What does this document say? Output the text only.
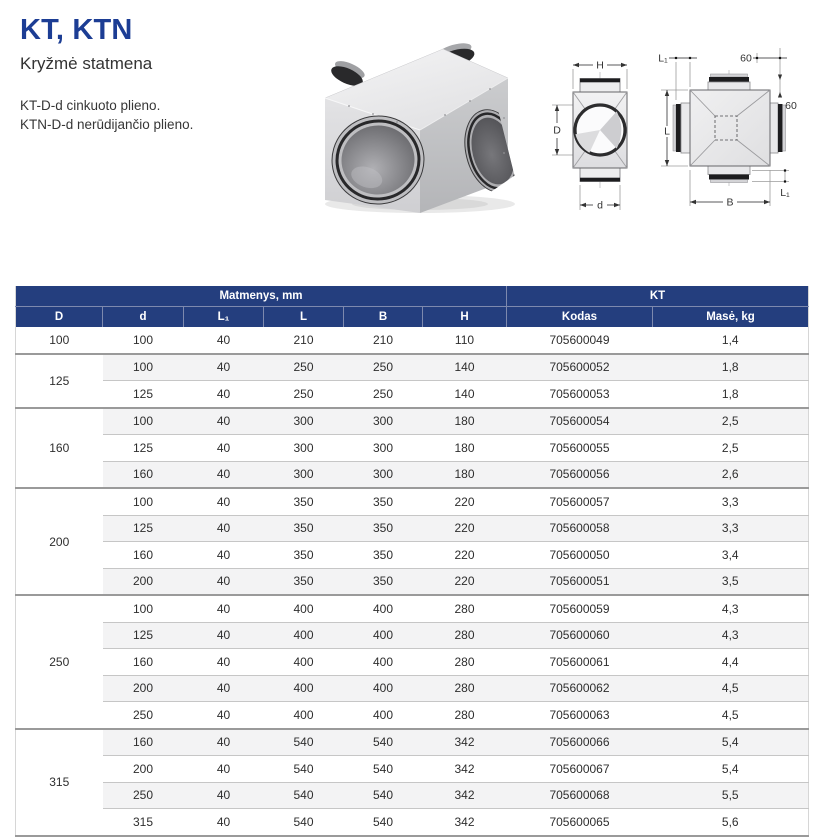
KT, KTN
Kryžmė statmena

KT-D-d cinkuoto plieno.
KTN-D-d nerūdijančio plieno.

H
D
d
L₁	60
L
60
B
L₁
Matmenys, mm						KT	
D	d	L₁	L	B	H	Kodas	Masė, kg
100	100	40	210	210	110	705600049	1,4
125	100	40	250	250	140	705600052	1,8
	125	40	250	250	140	705600053	1,8
160	100	40	300	300	180	705600054	2,5
	125	40	300	300	180	705600055	2,5
	160	40	300	300	180	705600056	2,6
200	100	40	350	350	220	705600057	3,3
	125	40	350	350	220	705600058	3,3
	160	40	350	350	220	705600050	3,4
	200	40	350	350	220	705600051	3,5
250	100	40	400	400	280	705600059	4,3
	125	40	400	400	280	705600060	4,3
	160	40	400	400	280	705600061	4,4
	200	40	400	400	280	705600062	4,5
	250	40	400	400	280	705600063	4,5
315	160	40	540	540	342	705600066	5,4
	200	40	540	540	342	705600067	5,4
	250	40	540	540	342	705600068	5,5
	315	40	540	540	342	705600065	5,6
